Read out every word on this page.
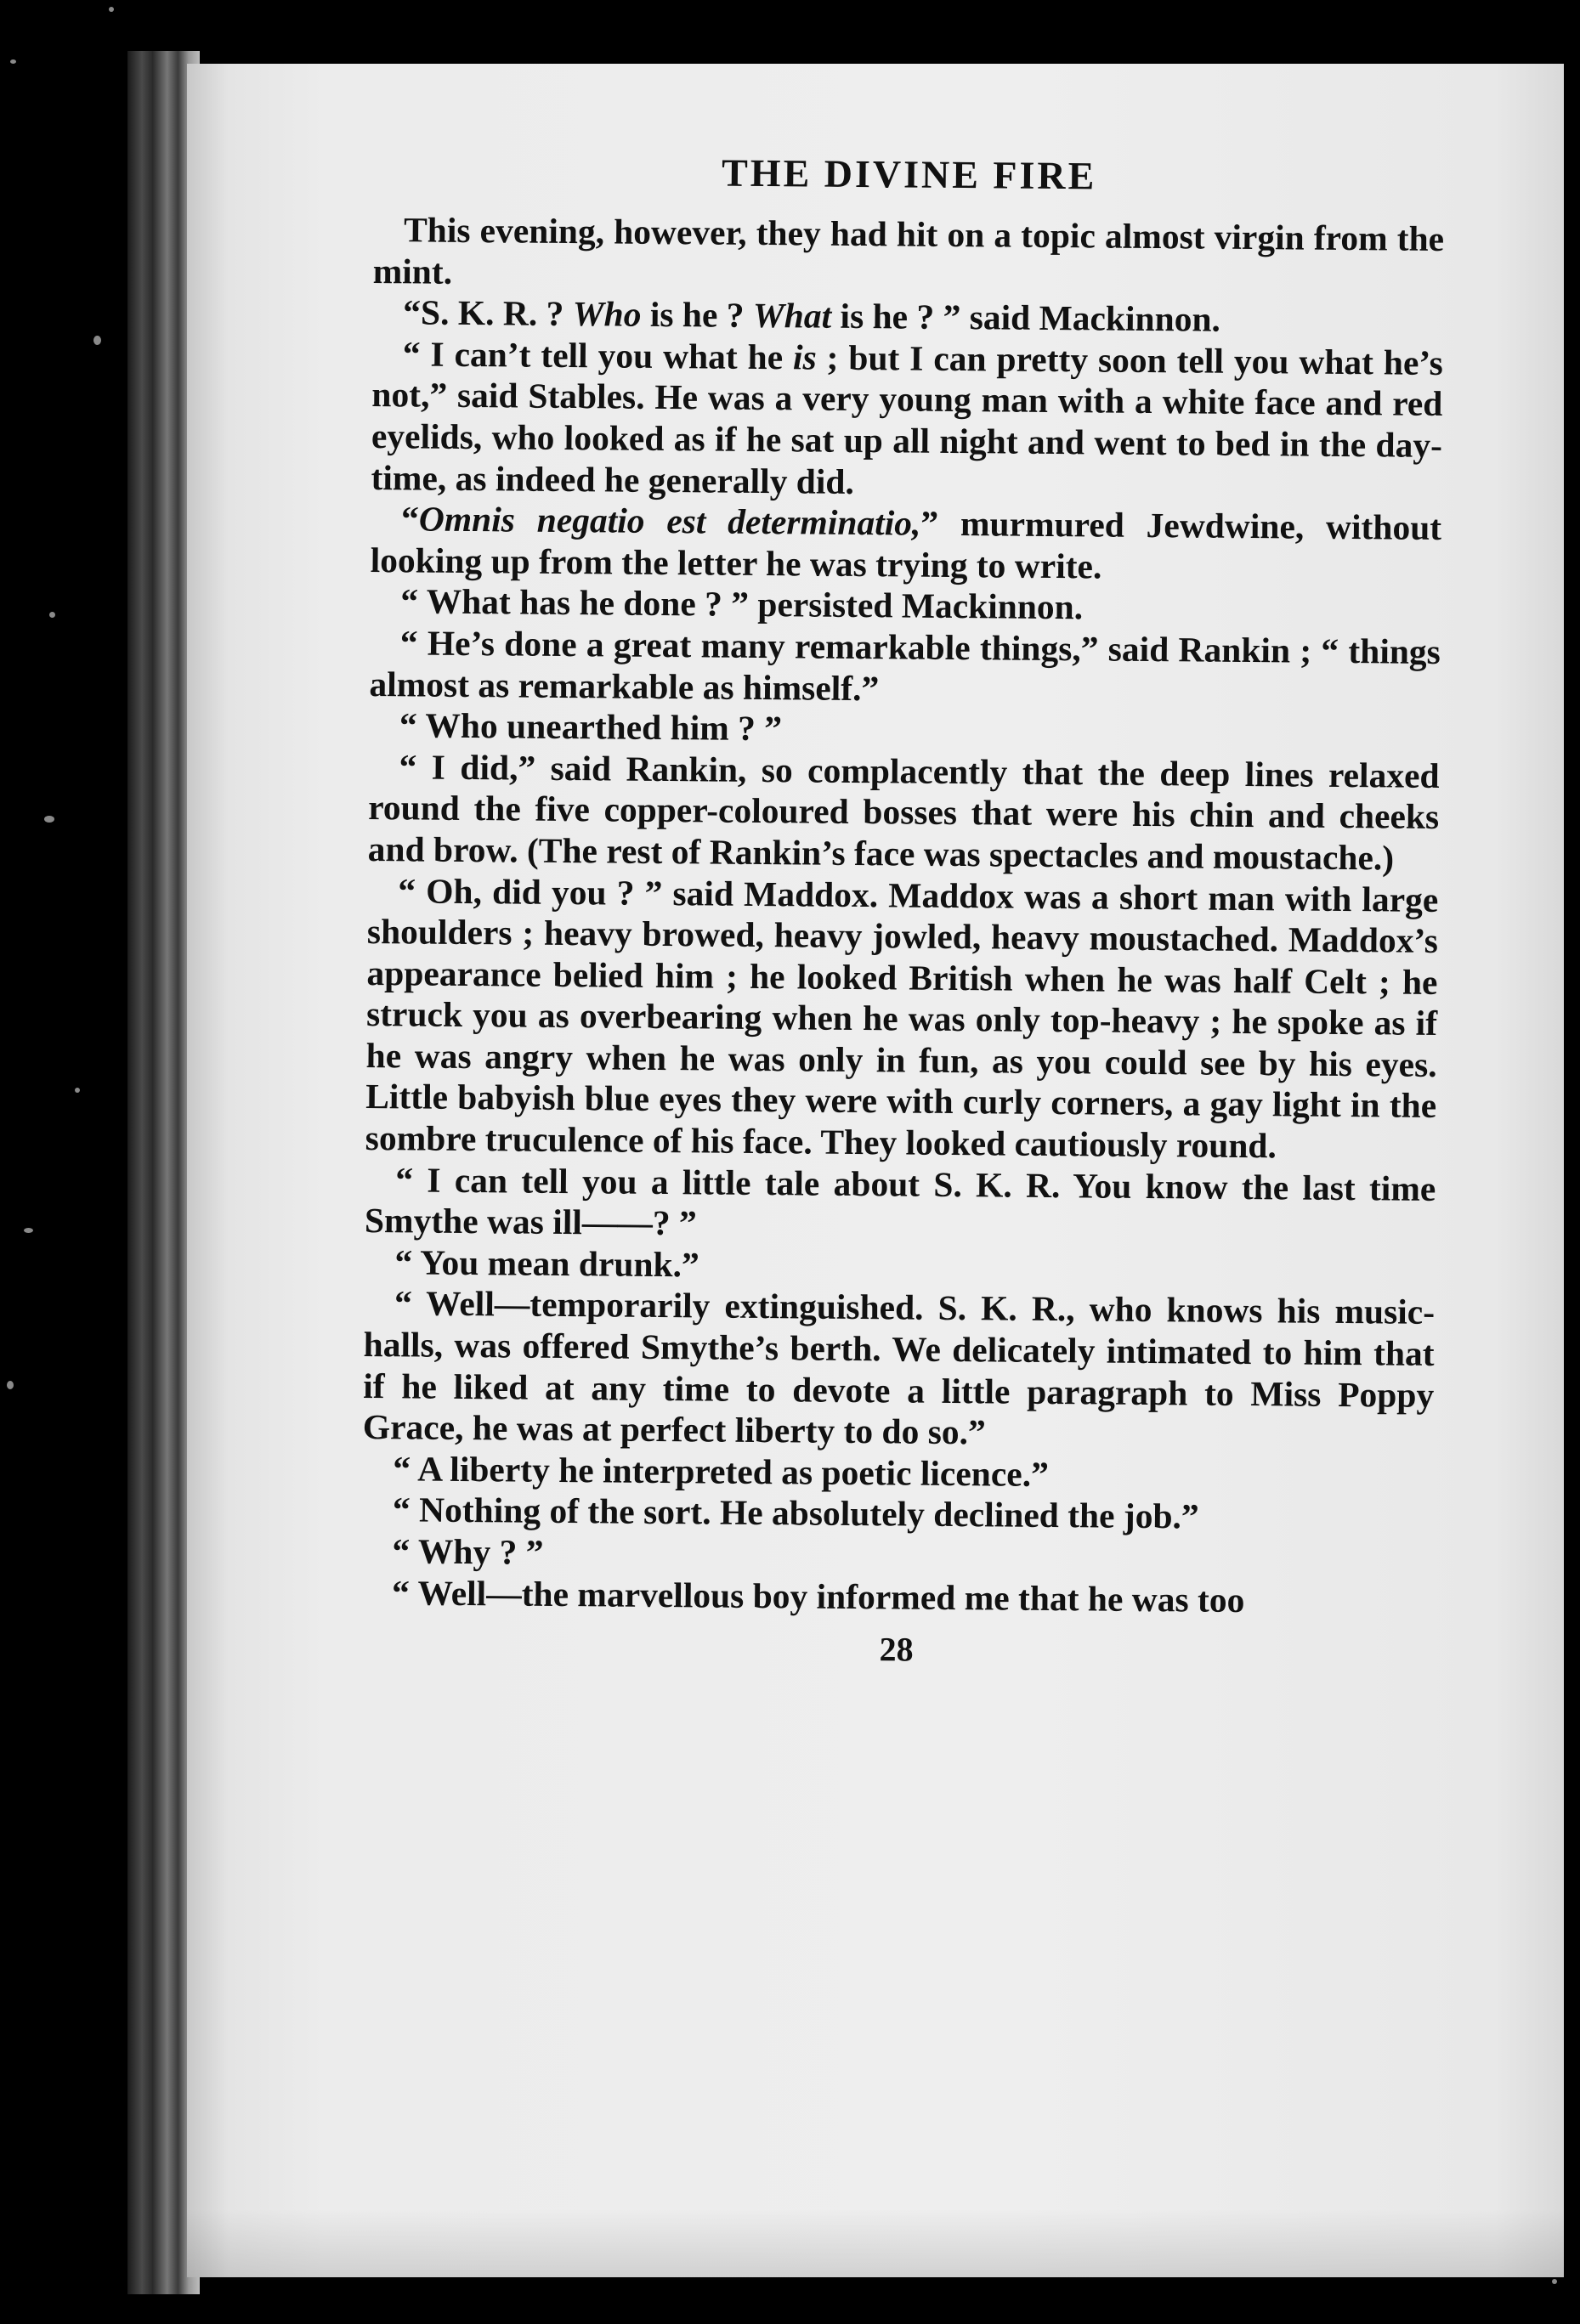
THE DIVINE FIRE

This evening, however, they had hit on a topic almost virgin from the mint.

“S. K. R. ? Who is he ? What is he ? ” said Mackinnon.

“ I can’t tell you what he is ; but I can pretty soon tell you what he’s not,” said Stables. He was a very young man with a white face and red eyelids, who looked as if he sat up all night and went to bed in the day-time, as indeed he generally did.

“Omnis negatio est determinatio,” murmured Jewdwine, without looking up from the letter he was trying to write.

“ What has he done ? ” persisted Mackinnon.

“ He’s done a great many remarkable things,” said Rankin ; “ things almost as remarkable as himself.”

“ Who unearthed him ? ”

“ I did,” said Rankin, so complacently that the deep lines relaxed round the five copper-coloured bosses that were his chin and cheeks and brow. (The rest of Rankin’s face was spectacles and moustache.)

“ Oh, did you ? ” said Maddox. Maddox was a short man with large shoulders ; heavy browed, heavy jowled, heavy moustached. Maddox’s appearance belied him ; he looked British when he was half Celt ; he struck you as overbearing when he was only top-heavy ; he spoke as if he was angry when he was only in fun, as you could see by his eyes. Little babyish blue eyes they were with curly corners, a gay light in the sombre truculence of his face. They looked cautiously round.

“ I can tell you a little tale about S. K. R. You know the last time Smythe was ill——? ”

“ You mean drunk.”

“ Well—temporarily extinguished. S. K. R., who knows his music-halls, was offered Smythe’s berth. We delicately intimated to him that if he liked at any time to devote a little paragraph to Miss Poppy Grace, he was at perfect liberty to do so.”

“ A liberty he interpreted as poetic licence.”

“ Nothing of the sort. He absolutely declined the job.”

“ Why ? ”

“ Well—the marvellous boy informed me that he was too

28
